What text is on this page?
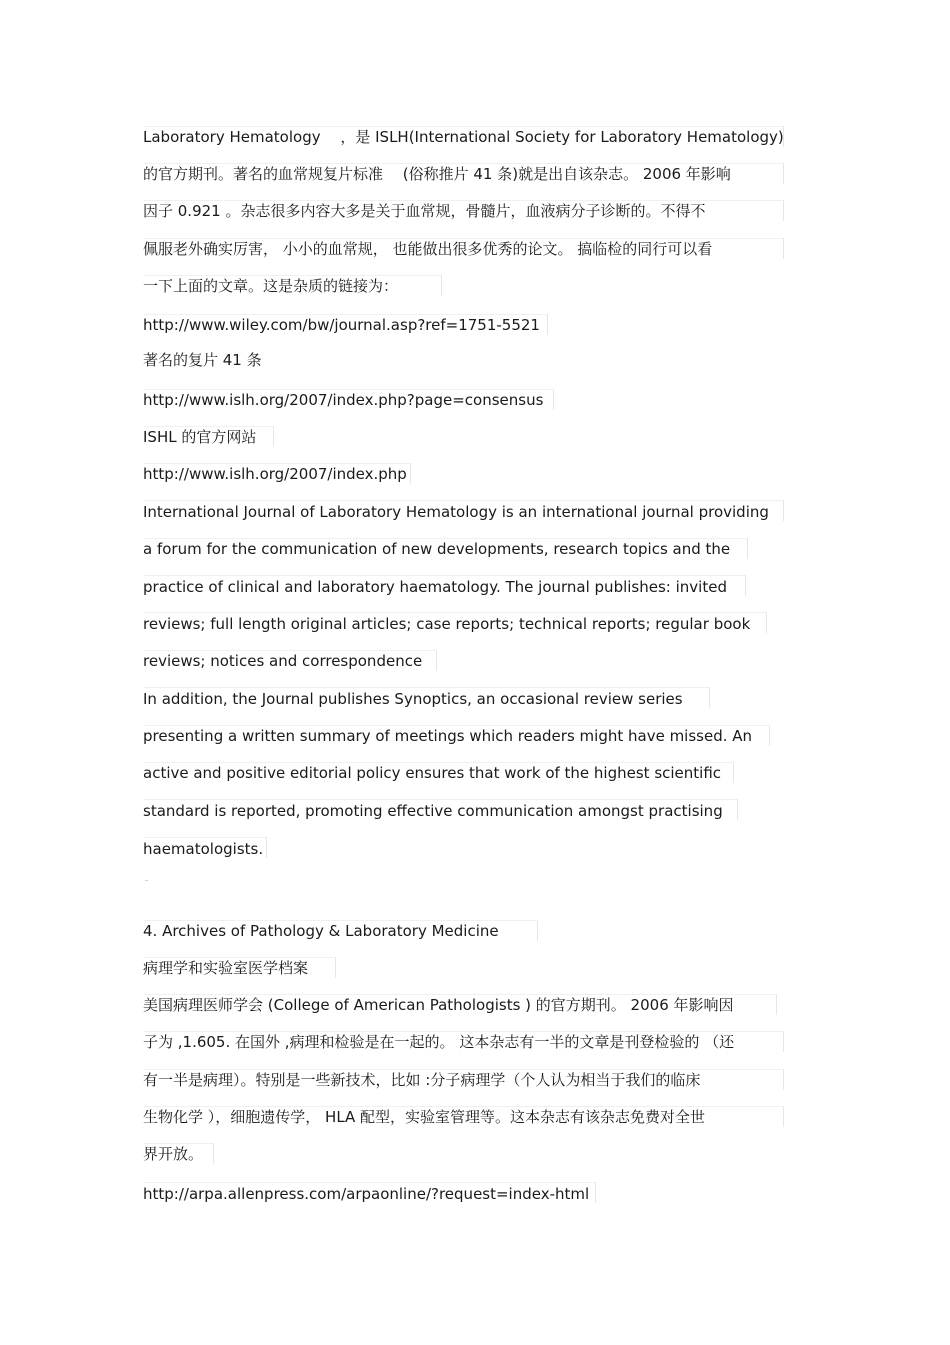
Laboratory Hematology　 ，是 ISLH(International Society for Laboratory Hematology)
的官方期刊。著名的血常规复片标准　 (俗称推片 41 条)就是出自该杂志。 2006 年影响
因子 0.921 。杂志很多内容大多是关于血常规，骨髓片，血液病分子诊断的。不得不
佩服老外确实厉害， 小小的血常规， 也能做出很多优秀的论文。 搞临检的同行可以看
一下上面的文章。这是杂质的链接为：
http://www.wiley.com/bw/journal.asp?ref=1751-5521
著名的复片 41 条
http://www.islh.org/2007/index.php?page=consensus
ISHL 的官方网站
http://www.islh.org/2007/index.php
International Journal of Laboratory Hematology is an international journal providing
a forum for the communication of new developments, research topics and the
practice of clinical and laboratory haematology. The journal publishes: invited
reviews; full length original articles; case reports; technical reports; regular book
reviews; notices and correspondence
In addition, the Journal publishes Synoptics, an occasional review series
presenting a written summary of meetings which readers might have missed. An
active and positive editorial policy ensures that work of the highest scientific
standard is reported, promoting effective communication amongst practising
haematologists.
4. Archives of Pathology & Laboratory Medicine
病理学和实验室医学档案
美国病理医师学会 (College of American Pathologists ) 的官方期刊。 2006 年影响因
子为 ,1.605. 在国外 ,病理和检验是在一起的。 这本杂志有一半的文章是刊登检验的 （还
有一半是病理）。特别是一些新技术，比如 :分子病理学（个人认为相当于我们的临床
生物化学 ），细胞遗传学， HLA 配型，实验室管理等。这本杂志有该杂志免费对全世
界开放。
http://arpa.allenpress.com/arpaonline/?request=index-html
